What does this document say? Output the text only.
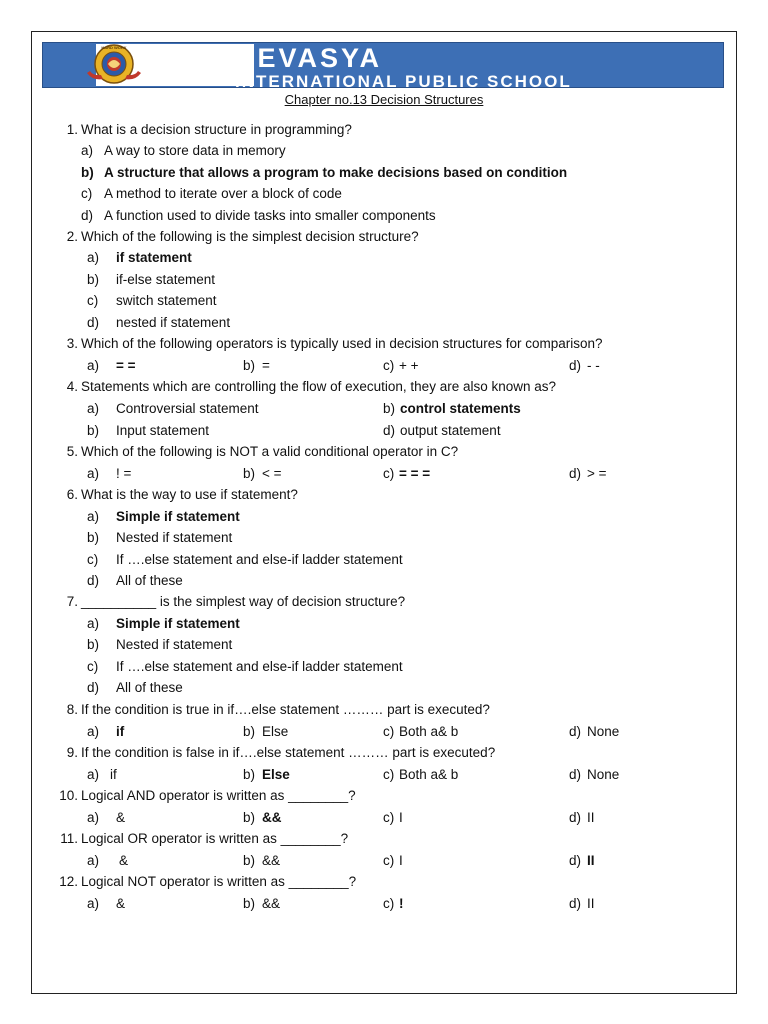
HARD WORK	DEVASYA
INTERNATIONAL PUBLIC SCHOOL
Chapter no.13 Decision Structures
1. What is a decision structure in programming?
a) A way to store data in memory
b) A structure that allows a program to make decisions based on condition
c) A method to iterate over a block of code
d) A function used to divide tasks into smaller components
2. Which of the following is the simplest decision structure?
a) if statement
b) if-else statement
c) switch statement
d) nested if statement
3. Which of the following operators is typically used in decision structures for comparison?
a) = =	b) =	c) + +	d) - -
4. Statements which are controlling the flow of execution, they are also known as?
a) Controversial statement	b) control statements
b) Input statement	d) output statement
5. Which of the following is NOT a valid conditional operator in C?
a) ! =	b) < =	c) = = =	d) > =
6. What is the way to use if statement?
a) Simple if statement
b) Nested if statement
c) If ….else statement and else-if ladder statement
d) All of these
7. __________ is the simplest way of decision structure?
a) Simple if statement
b) Nested if statement
c) If ….else statement and else-if ladder statement
d) All of these
8. If the condition is true in if….else statement ……… part is executed?
a) if	b) Else	c) Both a& b	d) None
9. If the condition is false in if….else statement ……… part is executed?
a) if	b) Else	c) Both a& b	d) None
10. Logical AND operator is written as ________?
a) &	b) &&	c) I	d) II
11. Logical OR operator is written as ________?
a) &	b) &&	c) I	d) II
12. Logical NOT operator is written as ________?
a) &	b) &&	c) !	d) II
